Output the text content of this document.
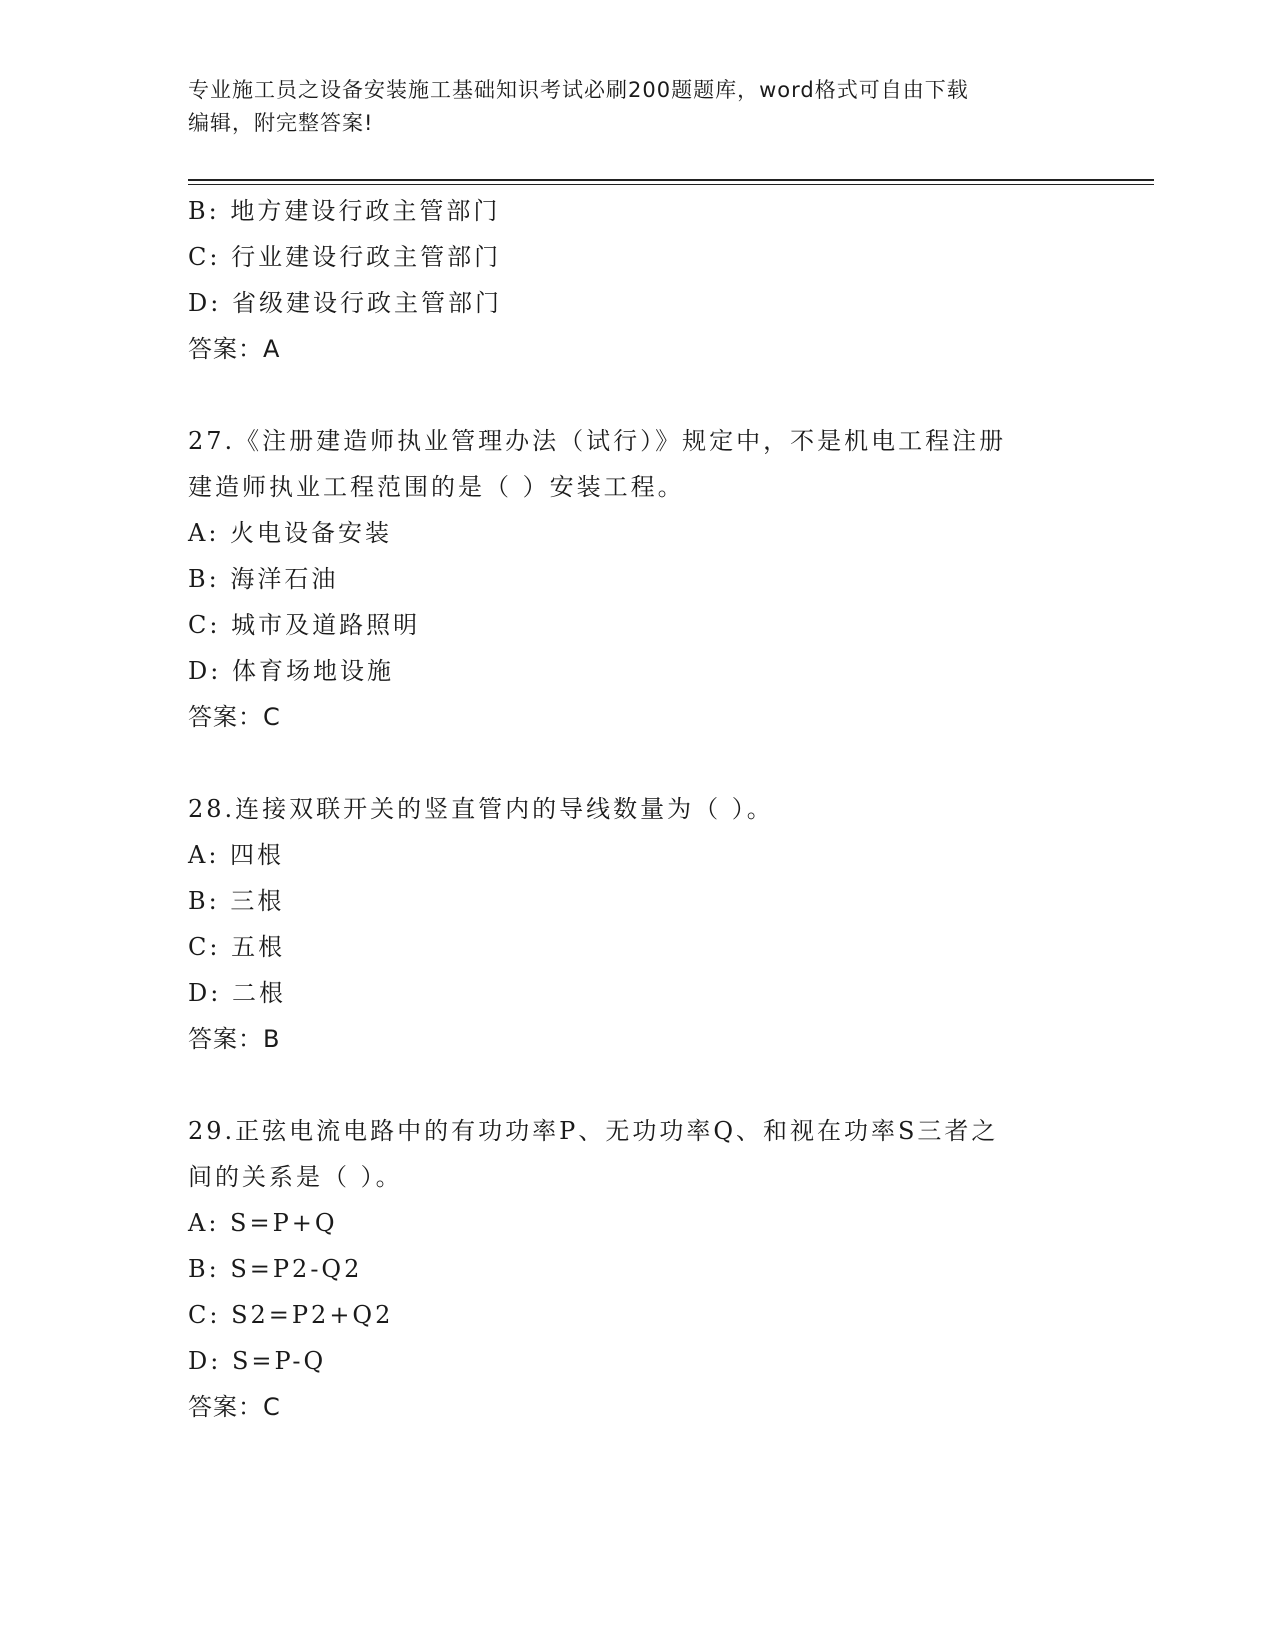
专业施工员之设备安装施工基础知识考试必刷200题题库，word格式可自由下载
编辑，附完整答案!
B: 地方建设行政主管部门
C: 行业建设行政主管部门
D: 省级建设行政主管部门
答案：A
27.《注册建造师执业管理办法（试行）》规定中，不是机电工程注册
建造师执业工程范围的是（ ）安装工程。
A: 火电设备安装
B: 海洋石油
C: 城市及道路照明
D: 体育场地设施
答案：C
28.连接双联开关的竖直管内的导线数量为（ ）。
A: 四根
B: 三根
C: 五根
D: 二根
答案：B
29.正弦电流电路中的有功功率P、无功功率Q、和视在功率S三者之
间的关系是（ ）。
A: S=P+Q
B: S=P2-Q2
C: S2=P2+Q2
D: S=P-Q
答案：C
